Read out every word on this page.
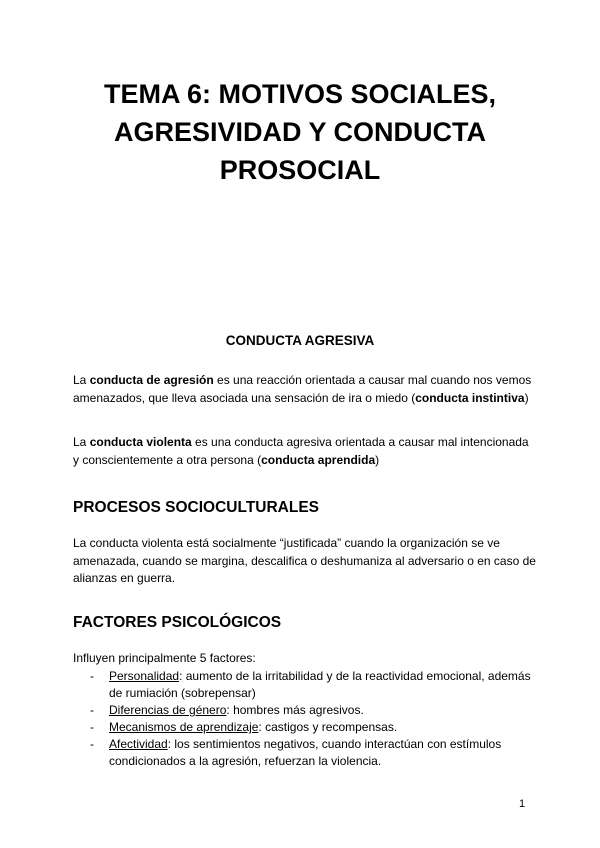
TEMA 6: MOTIVOS SOCIALES,
AGRESIVIDAD Y CONDUCTA
PROSOCIAL
CONDUCTA AGRESIVA

La conducta de agresión es una reacción orientada a causar mal cuando nos vemos amenazados, que lleva asociada una sensación de ira o miedo (conducta instintiva)

La conducta violenta es una conducta agresiva orientada a causar mal intencionada y conscientemente a otra persona (conducta aprendida)

PROCESOS SOCIOCULTURALES

La conducta violenta está socialmente “justificada” cuando la organización se ve amenazada, cuando se margina, descalifica o deshumaniza al adversario o en caso de alianzas en guerra.

FACTORES PSICOLÓGICOS

Influyen principalmente 5 factores:

- Personalidad: aumento de la irritabilidad y de la reactividad emocional, además de rumiación (sobrepensar)
- Diferencias de género: hombres más agresivos.
- Mecanismos de aprendizaje: castigos y recompensas.
- Afectividad: los sentimientos negativos, cuando interactúan con estímulos condicionados a la agresión, refuerzan la violencia.
1
